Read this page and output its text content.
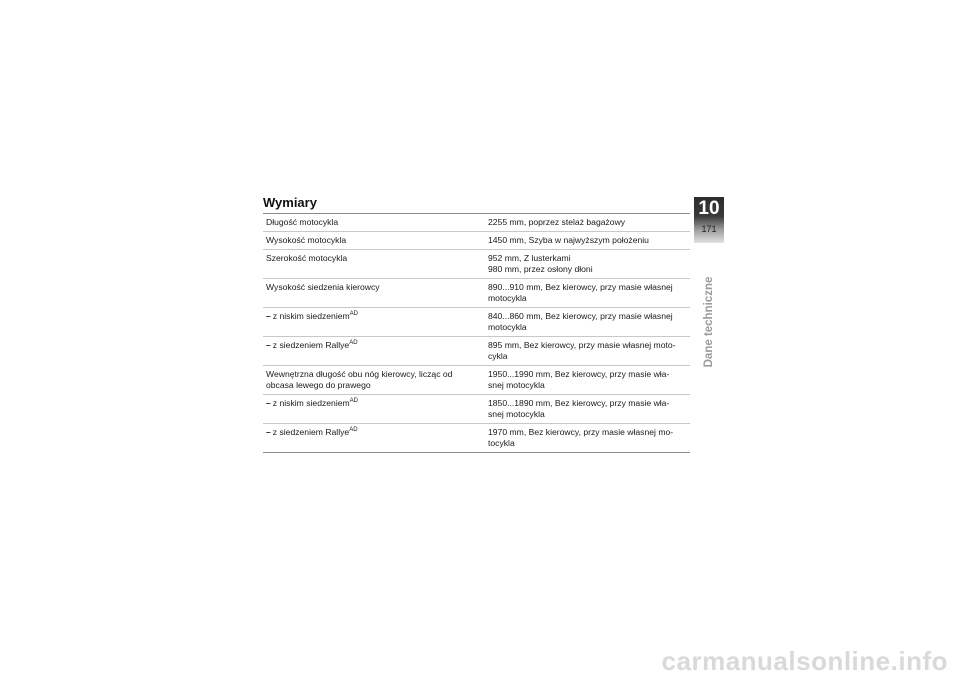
Wymiary
Długość motocykla	2255 mm, poprzez stelaż bagażowy

Wysokość motocykla	1450 mm, Szyba w najwyższym położeniu

Szerokość motocykla	952 mm, Z lusterkami
980 mm, przez osłony dłoni

Wysokość siedzenia kierowcy	890...910 mm, Bez kierowcy, przy masie własnej
motocykla

– z niskim siedzeniem$^{AD}$	840...860 mm, Bez kierowcy, przy masie własnej
motocykla

– z siedzeniem Rallye$^{AD}$	895 mm, Bez kierowcy, przy masie własnej moto-
cykla

Wewnętrzna długość obu nóg kierowcy, licząc od
obcasa lewego do prawego	1950...1990 mm, Bez kierowcy, przy masie wła-
snej motocykla

– z niskim siedzeniem$^{AD}$	1850...1890 mm, Bez kierowcy, przy masie wła-
snej motocykla

– z siedzeniem Rallye$^{AD}$	1970 mm, Bez kierowcy, przy masie własnej mo-
tocykla
10
171
Dane techniczne
carmanualsonline.info
